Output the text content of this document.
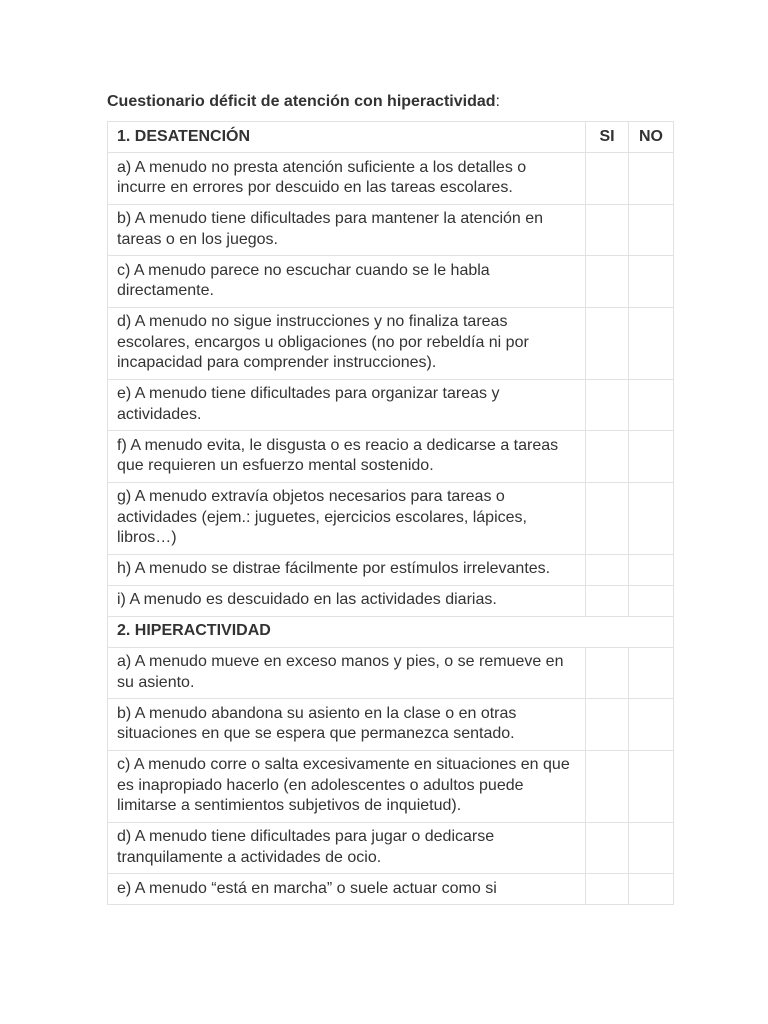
Cuestionario déficit de atención con hiperactividad:

1. DESATENCIÓN	SI	NO
a) A menudo no presta atención suficiente a los detalles o incurre en errores por descuido en las tareas escolares.		
b) A menudo tiene dificultades para mantener la atención en tareas o en los juegos.		
c) A menudo parece no escuchar cuando se le habla directamente.		
d) A menudo no sigue instrucciones y no finaliza tareas escolares, encargos u obligaciones (no por rebeldía ni por incapacidad para comprender instrucciones).		
e) A menudo tiene dificultades para organizar tareas y actividades.		
f) A menudo evita, le disgusta o es reacio a dedicarse a tareas que requieren un esfuerzo mental sostenido.		
g) A menudo extravía objetos necesarios para tareas o actividades (ejem.: juguetes, ejercicios escolares, lápices, libros…)		
h) A menudo se distrae fácilmente por estímulos irrelevantes.		
i) A menudo es descuidado en las actividades diarias.		
2. HIPERACTIVIDAD		
a) A menudo mueve en exceso manos y pies, o se remueve en su asiento.		
b) A menudo abandona su asiento en la clase o en otras situaciones en que se espera que permanezca sentado.		
c) A menudo corre o salta excesivamente en situaciones en que es inapropiado hacerlo (en adolescentes o adultos puede limitarse a sentimientos subjetivos de inquietud).		
d) A menudo tiene dificultades para jugar o dedicarse tranquilamente a actividades de ocio.		
e) A menudo “está en marcha” o suele actuar como si		
